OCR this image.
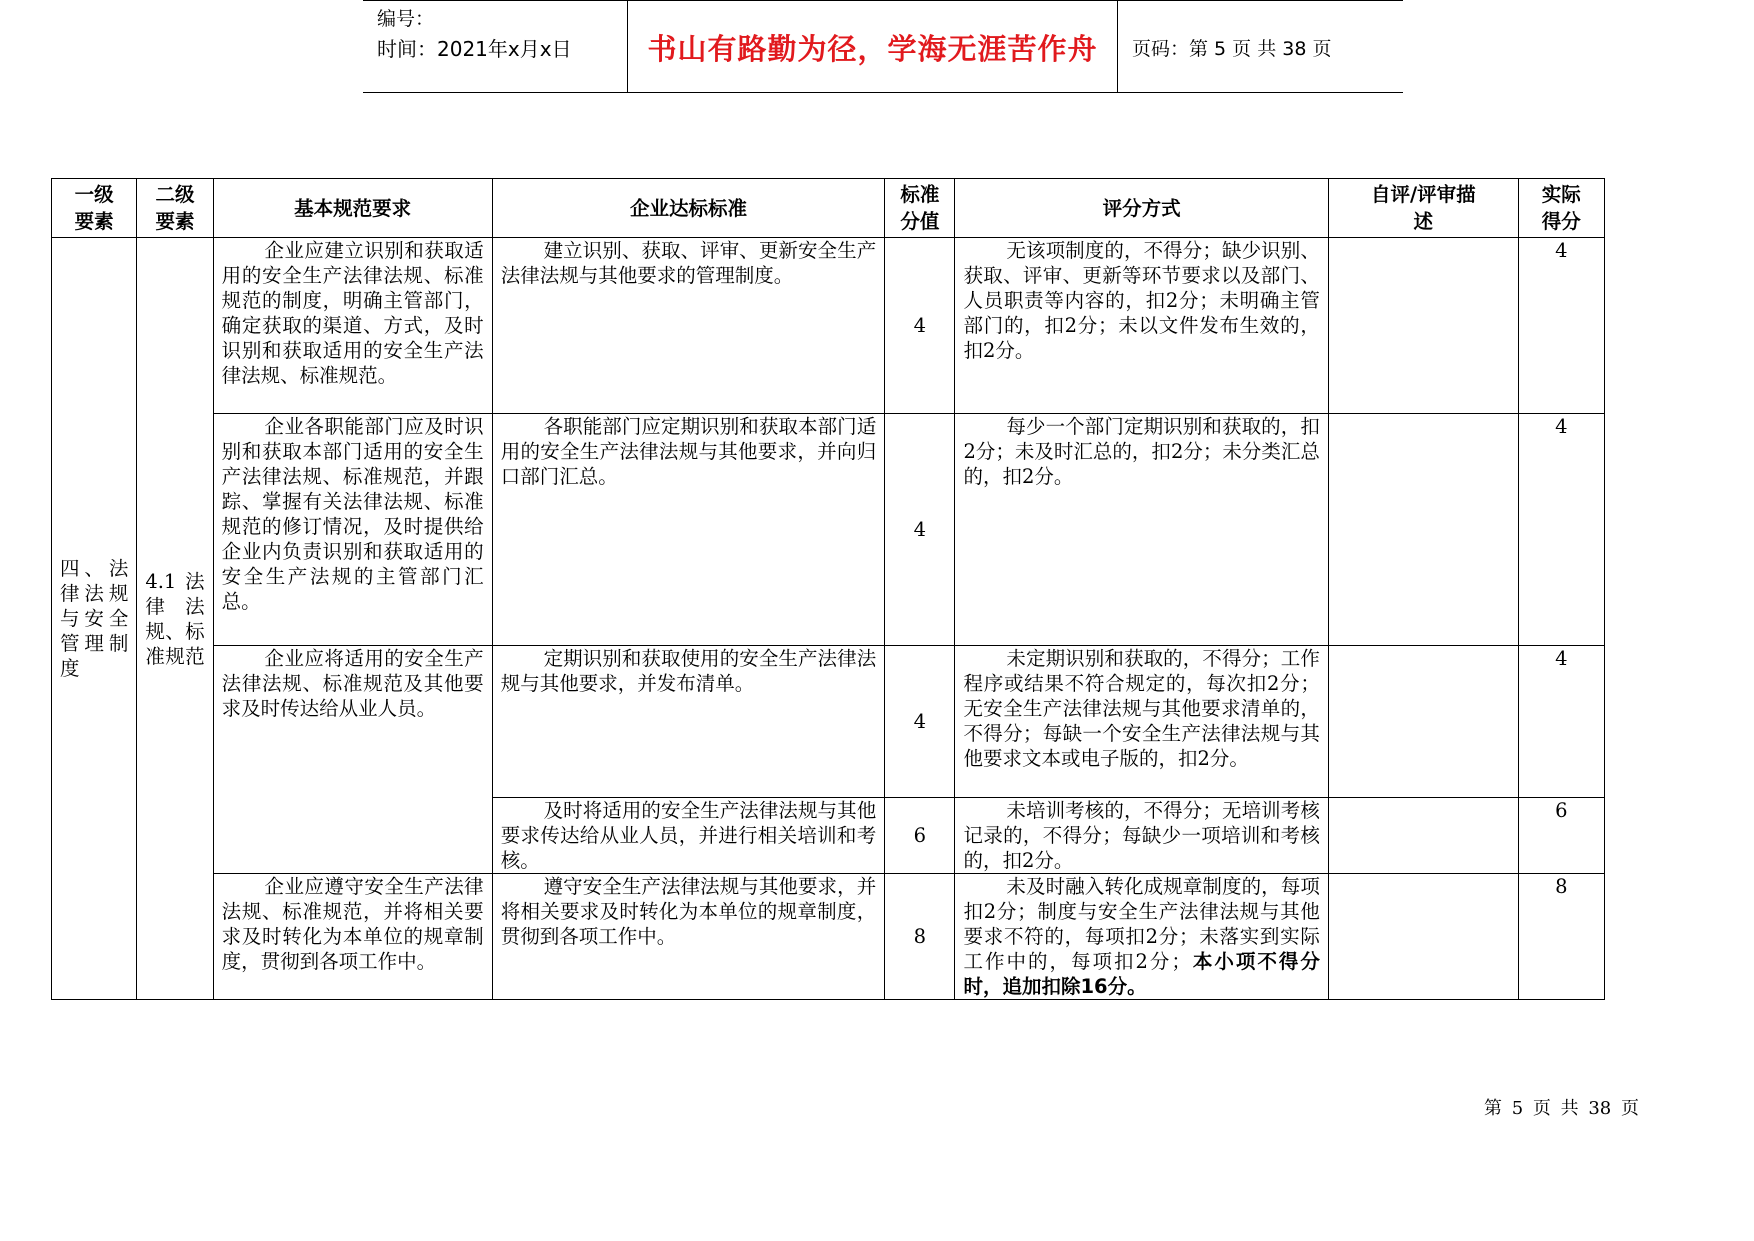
编号：
时间：2021年x月x日	书山有路勤为径，学海无涯苦作舟 页码：第 5 页 共 38 页
一级要素	二级要素	基本规范要求	企业达标标准	标准分值	评分方式	自评/评审描　　述	实际得分
四、法律法规与安全管理制度	4.1 法律法规、标准规范	企业应建立识别和获取适用的安全生产法律法规、标准规范的制度，明确主管部门，确定获取的渠道、方式，及时识别和获取适用的安全生产法律法规、标准规范。	建立识别、获取、评审、更新安全生产法律法规与其他要求的管理制度。	4	无该项制度的，不得分；缺少识别、获取、评审、更新等环节要求以及部门、人员职责等内容的，扣2分；未明确主管部门的，扣2分；未以文件发布生效的，扣2分。		4
		企业各职能部门应及时识别和获取本部门适用的安全生产法律法规、标准规范，并跟踪、掌握有关法律法规、标准规范的修订情况，及时提供给企业内负责识别和获取适用的安全生产法规的主管部门汇总。	各职能部门应定期识别和获取本部门适用的安全生产法律法规与其他要求，并向归口部门汇总。	4	每少一个部门定期识别和获取的，扣2分；未及时汇总的，扣2分；未分类汇总的，扣2分。		4
		企业应将适用的安全生产法律法规、标准规范及其他要求及时传达给从业人员。	定期识别和获取使用的安全生产法律法规与其他要求，并发布清单。	4	未定期识别和获取的，不得分；工作程序或结果不符合规定的，每次扣2分；无安全生产法律法规与其他要求清单的，不得分；每缺一个安全生产法律法规与其他要求文本或电子版的，扣2分。		4
			及时将适用的安全生产法律法规与其他要求传达给从业人员，并进行相关培训和考核。	6	未培训考核的，不得分；无培训考核记录的，不得分；每缺少一项培训和考核的，扣2分。		6
		企业应遵守安全生产法律法规、标准规范，并将相关要求及时转化为本单位的规章制度，贯彻到各项工作中。	遵守安全生产法律法规与其他要求，并将相关要求及时转化为本单位的规章制度，贯彻到各项工作中。	8	未及时融入转化成规章制度的，每项扣2分；制度与安全生产法律法规与其他要求不符的，每项扣2分；未落实到实际工作中的，每项扣2分；本小项不得分时，追加扣除16分。		8
第 5 页 共 38 页
